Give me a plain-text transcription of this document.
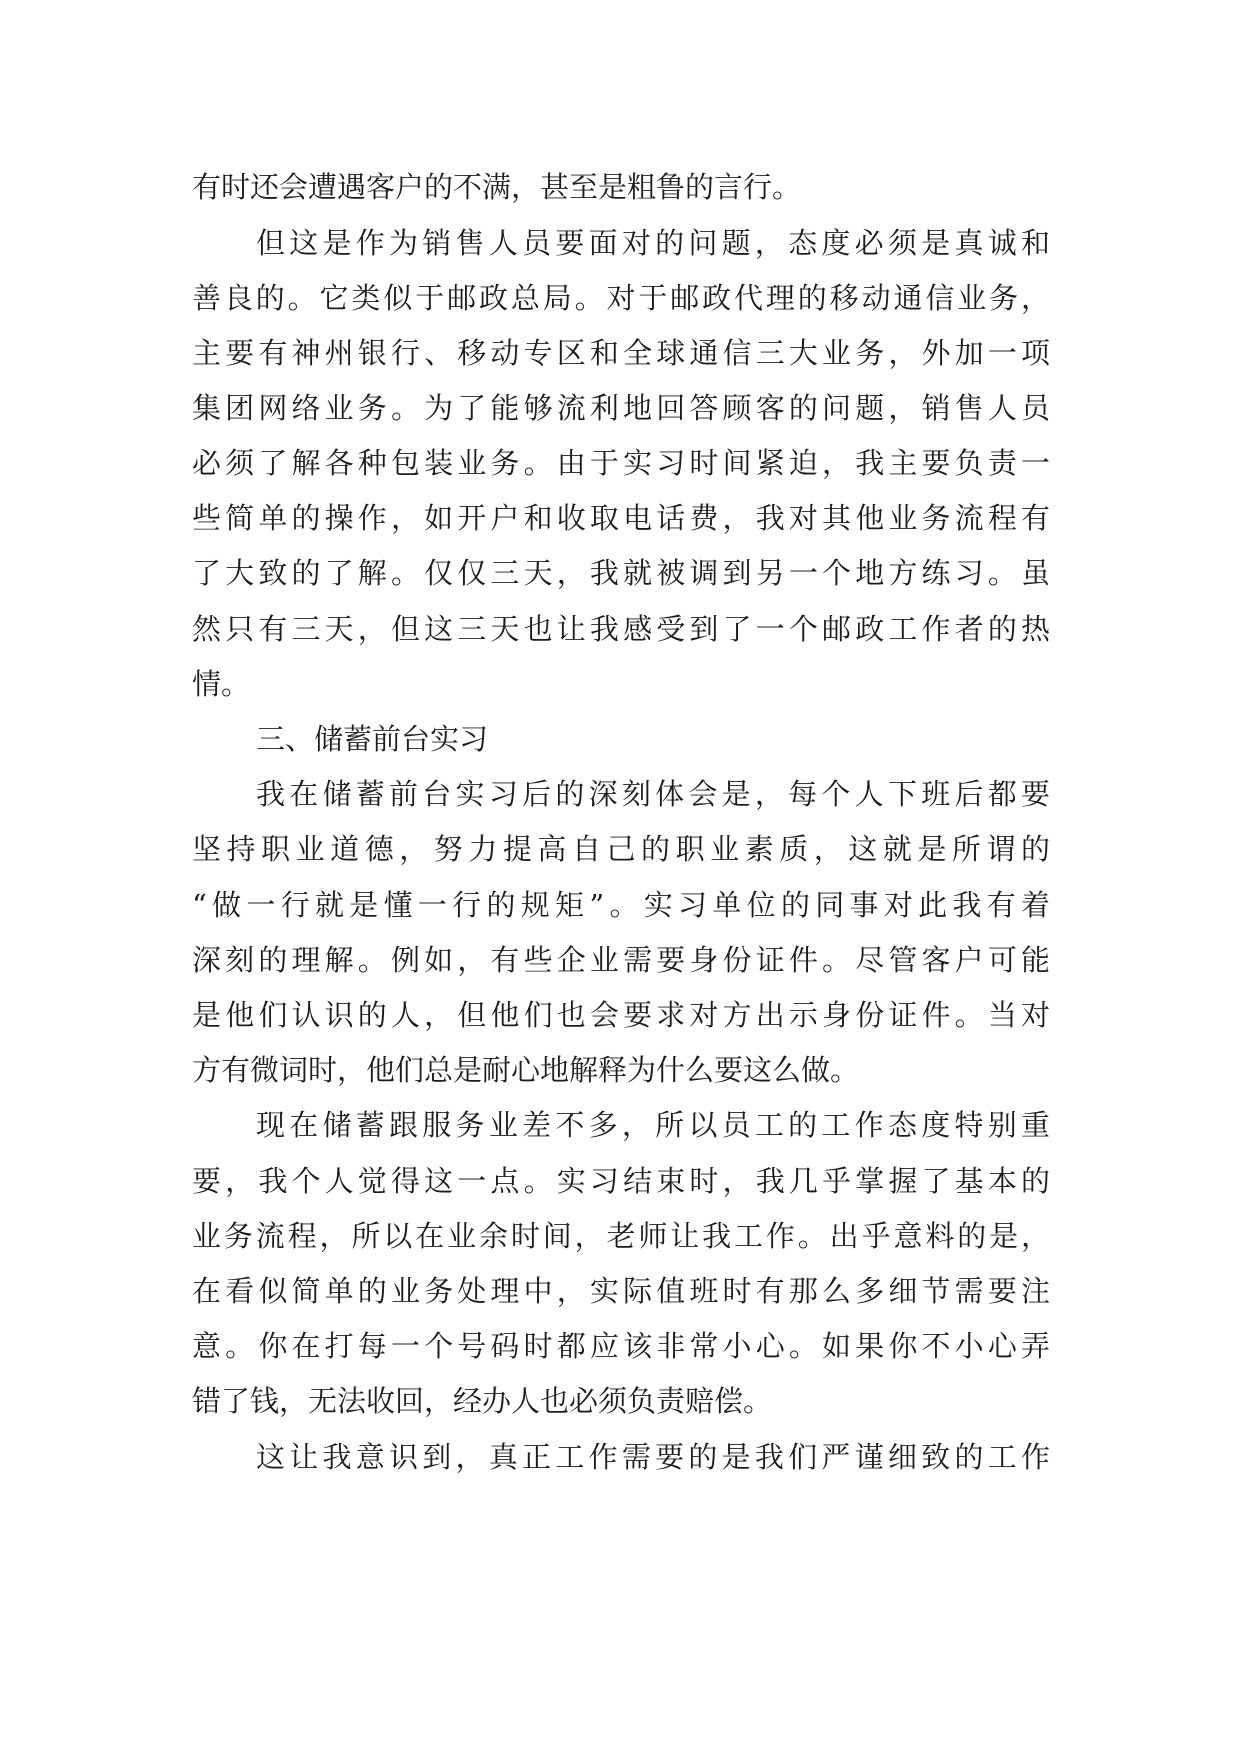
有时还会遭遇客户的不满，甚至是粗鲁的言行。
但这是作为销售人员要面对的问题，态度必须是真诚和
善良的。它类似于邮政总局。对于邮政代理的移动通信业务，
主要有神州银行、移动专区和全球通信三大业务，外加一项
集团网络业务。为了能够流利地回答顾客的问题，销售人员
必须了解各种包装业务。由于实习时间紧迫，我主要负责一
些简单的操作，如开户和收取电话费，我对其他业务流程有
了大致的了解。仅仅三天，我就被调到另一个地方练习。虽
然只有三天，但这三天也让我感受到了一个邮政工作者的热
情。
三、储蓄前台实习
我在储蓄前台实习后的深刻体会是，每个人下班后都要
坚持职业道德，努力提高自己的职业素质，这就是所谓的
“做一行就是懂一行的规矩”。实习单位的同事对此我有着
深刻的理解。例如，有些企业需要身份证件。尽管客户可能
是他们认识的人，但他们也会要求对方出示身份证件。当对
方有微词时，他们总是耐心地解释为什么要这么做。
现在储蓄跟服务业差不多，所以员工的工作态度特别重
要，我个人觉得这一点。实习结束时，我几乎掌握了基本的
业务流程，所以在业余时间，老师让我工作。出乎意料的是，
在看似简单的业务处理中，实际值班时有那么多细节需要注
意。你在打每一个号码时都应该非常小心。如果你不小心弄
错了钱，无法收回，经办人也必须负责赔偿。
这让我意识到，真正工作需要的是我们严谨细致的工作
